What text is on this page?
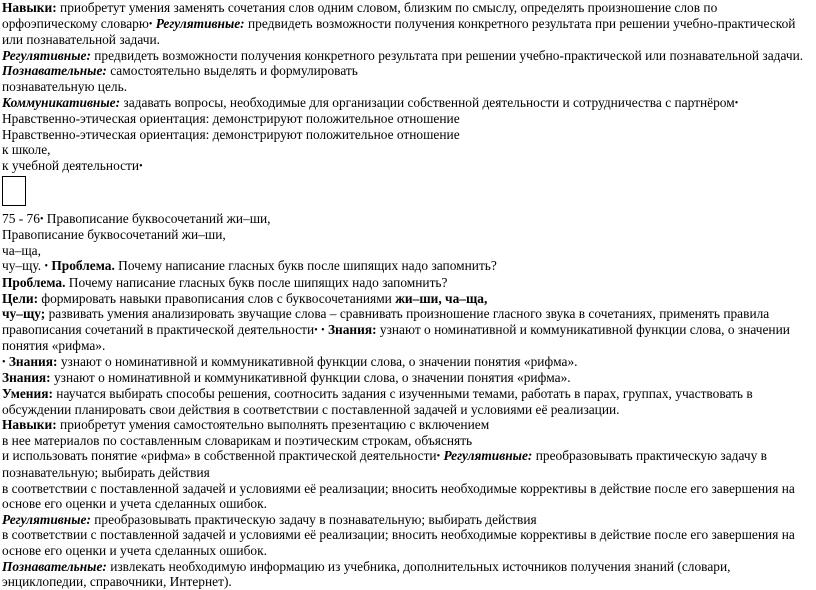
Навыки: приобретут умения заменять сочетания слов одним словом, близким по смыслу, определять произношение слов по орфоэпическому словарю• Регулятивные: предвидеть возможности получения конкретного результата при решении учебно-практической или познавательной задачи.

Регулятивные: предвидеть возможности получения конкретного результата при решении учебно-практической или познавательной задачи.

Познавательные: самостоятельно выделять и формулировать

познавательную цель.

Коммуникативные: задавать вопросы, необходимые для организации собственной деятельности и сотрудничества с партнёром• Нравственно-этическая ориентация: демонстрируют положительное отношение

Нравственно-этическая ориентация: демонстрируют положительное отношение

к школе,

к учебной деятельности•

75 - 76• Правописание буквосочетаний жи–ши,

Правописание буквосочетаний жи–ши,

ча–ща,

чу–щу. • Проблема. Почему написание гласных букв после шипящих надо запомнить?

Проблема. Почему написание гласных букв после шипящих надо запомнить?

Цели: формировать навыки правописания слов с буквосочетаниями жи–ши, ча–ща,

чу–щу; развивать умения анализировать звучащие слова – сравнивать произношение гласного звука в сочетаниях, применять правила правописания сочетаний в практической деятельности• • Знания: узнают о номинативной и коммуникативной функции слова, о значении понятия «рифма».

• Знания: узнают о номинативной и коммуникативной функции слова, о значении понятия «рифма».

Знания: узнают о номинативной и коммуникативной функции слова, о значении понятия «рифма».

Умения: научатся выбирать способы решения, соотносить задания с изученными темами, работать в парах, группах, участвовать в обсуждении планировать свои действия в соответствии с поставленной задачей и условиями её реализации.

Навыки: приобретут умения самостоятельно выполнять презентацию с включением

в нее материалов по составленным словарикам и поэтическим строкам, объяснять

и использовать понятие «рифма» в собственной практической деятельности• Регулятивные: преобразовывать практическую задачу в познавательную; выбирать действия

в соответствии с поставленной задачей и условиями её реализации; вносить необходимые коррективы в действие после его завершения на основе его оценки и учета сделанных ошибок.

Регулятивные: преобразовывать практическую задачу в познавательную; выбирать действия

в соответствии с поставленной задачей и условиями её реализации; вносить необходимые коррективы в действие после его завершения на основе его оценки и учета сделанных ошибок.

Познавательные: извлекать необходимую информацию из учебника, дополнительных источников получения знаний (словари, энциклопедии, справочники, Интернет).
